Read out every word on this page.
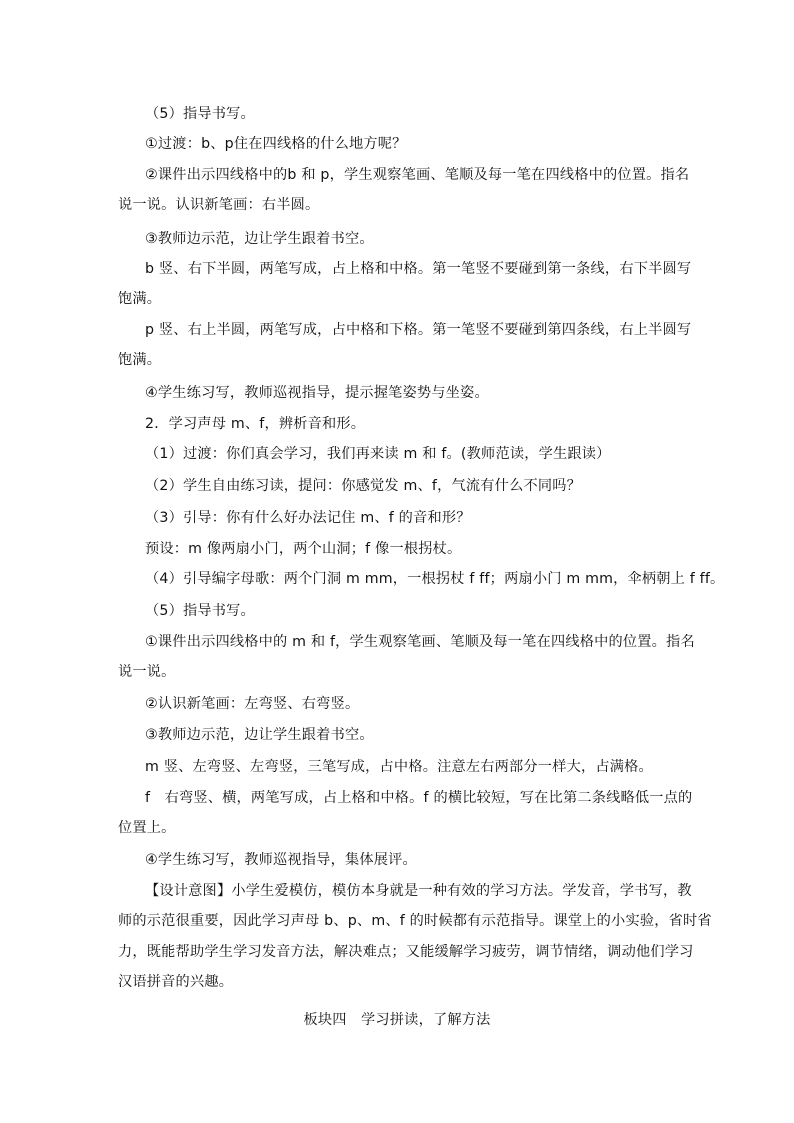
（5）指导书写。
①过渡：b、p住在四线格的什么地方呢？
②课件出示四线格中的b 和 p，学生观察笔画、笔顺及每一笔在四线格中的位置。指名
说一说。认识新笔画：右半圆。
③教师边示范，边让学生跟着书空。
b 竖、右下半圆，两笔写成，占上格和中格。第一笔竖不要碰到第一条线，右下半圆写
饱满。
p 竖、右上半圆，两笔写成，占中格和下格。第一笔竖不要碰到第四条线，右上半圆写
饱满。
④学生练习写，教师巡视指导，提示握笔姿势与坐姿。
2．学习声母 m、f，辨析音和形。
（1）过渡：你们真会学习，我们再来读 m 和 f。(教师范读，学生跟读）
（2）学生自由练习读，提问：你感觉发 m、f，气流有什么不同吗？
（3）引导：你有什么好办法记住 m、f 的音和形？
预设：m 像两扇小门，两个山洞；f 像一根拐杖。
（4）引导编字母歌：两个门洞 m mm，一根拐杖 f ff；两扇小门 m mm，伞柄朝上 f ff。
（5）指导书写。
①课件出示四线格中的 m 和 f，学生观察笔画、笔顺及每一笔在四线格中的位置。指名
说一说。
②认识新笔画：左弯竖、右弯竖。
③教师边示范，边让学生跟着书空。
m 竖、左弯竖、左弯竖，三笔写成，占中格。注意左右两部分一样大，占满格。
f　右弯竖、横，两笔写成，占上格和中格。f 的横比较短，写在比第二条线略低一点的
位置上。
④学生练习写，教师巡视指导，集体展评。
【设计意图】小学生爱模仿，模仿本身就是一种有效的学习方法。学发音，学书写，教
师的示范很重要，因此学习声母 b、p、m、f 的时候都有示范指导。课堂上的小实验，省时省
力，既能帮助学生学习发音方法，解决难点；又能缓解学习疲劳，调节情绪，调动他们学习
汉语拼音的兴趣。
板块四　学习拼读，了解方法
